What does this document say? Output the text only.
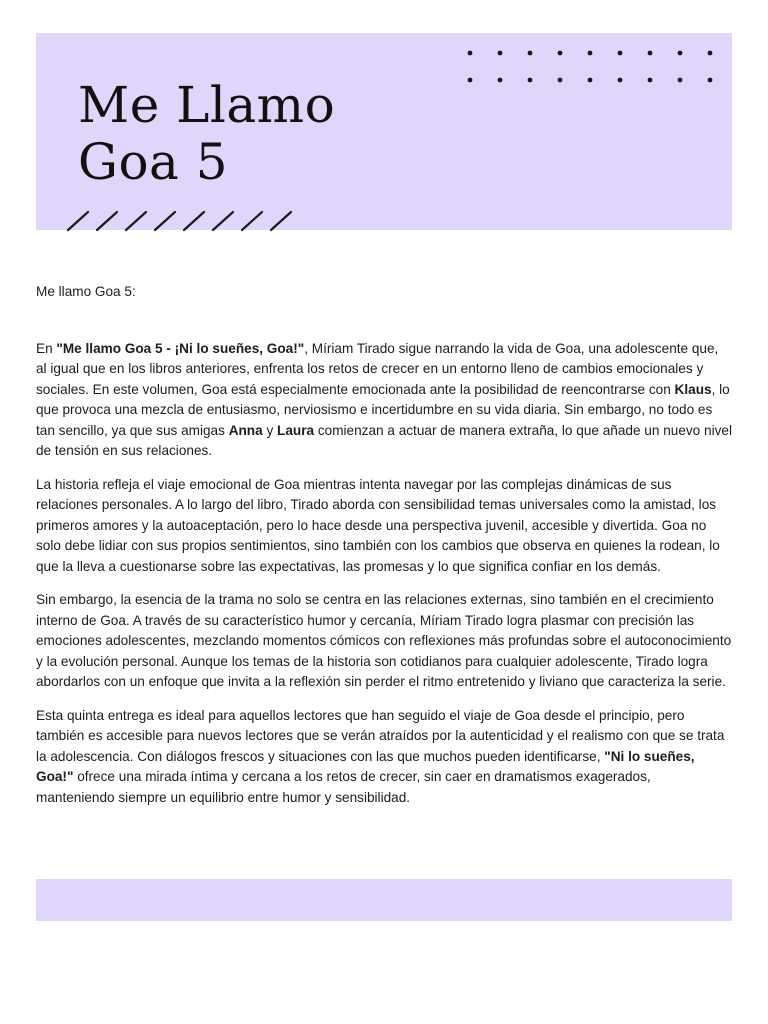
Me Llamo
Goa 5

Me llamo Goa 5:

En "Me llamo Goa 5 - ¡Ni lo sueñes, Goa!", Míriam Tirado sigue narrando la vida de Goa, una adolescente que, al igual que en los libros anteriores, enfrenta los retos de crecer en un entorno lleno de cambios emocionales y sociales. En este volumen, Goa está especialmente emocionada ante la posibilidad de reencontrarse con Klaus, lo que provoca una mezcla de entusiasmo, nerviosismo e incertidumbre en su vida diaria. Sin embargo, no todo es tan sencillo, ya que sus amigas Anna y Laura comienzan a actuar de manera extraña, lo que añade un nuevo nivel de tensión en sus relaciones.

La historia refleja el viaje emocional de Goa mientras intenta navegar por las complejas dinámicas de sus relaciones personales. A lo largo del libro, Tirado aborda con sensibilidad temas universales como la amistad, los primeros amores y la autoaceptación, pero lo hace desde una perspectiva juvenil, accesible y divertida. Goa no solo debe lidiar con sus propios sentimientos, sino también con los cambios que observa en quienes la rodean, lo que la lleva a cuestionarse sobre las expectativas, las promesas y lo que significa confiar en los demás.

Sin embargo, la esencia de la trama no solo se centra en las relaciones externas, sino también en el crecimiento interno de Goa. A través de su característico humor y cercanía, Míriam Tirado logra plasmar con precisión las emociones adolescentes, mezclando momentos cómicos con reflexiones más profundas sobre el autoconocimiento y la evolución personal. Aunque los temas de la historia son cotidianos para cualquier adolescente, Tirado logra abordarlos con un enfoque que invita a la reflexión sin perder el ritmo entretenido y liviano que caracteriza la serie.

Esta quinta entrega es ideal para aquellos lectores que han seguido el viaje de Goa desde el principio, pero también es accesible para nuevos lectores que se verán atraídos por la autenticidad y el realismo con que se trata la adolescencia. Con diálogos frescos y situaciones con las que muchos pueden identificarse, "Ni lo sueñes, Goa!" ofrece una mirada íntima y cercana a los retos de crecer, sin caer en dramatismos exagerados, manteniendo siempre un equilibrio entre humor y sensibilidad.
